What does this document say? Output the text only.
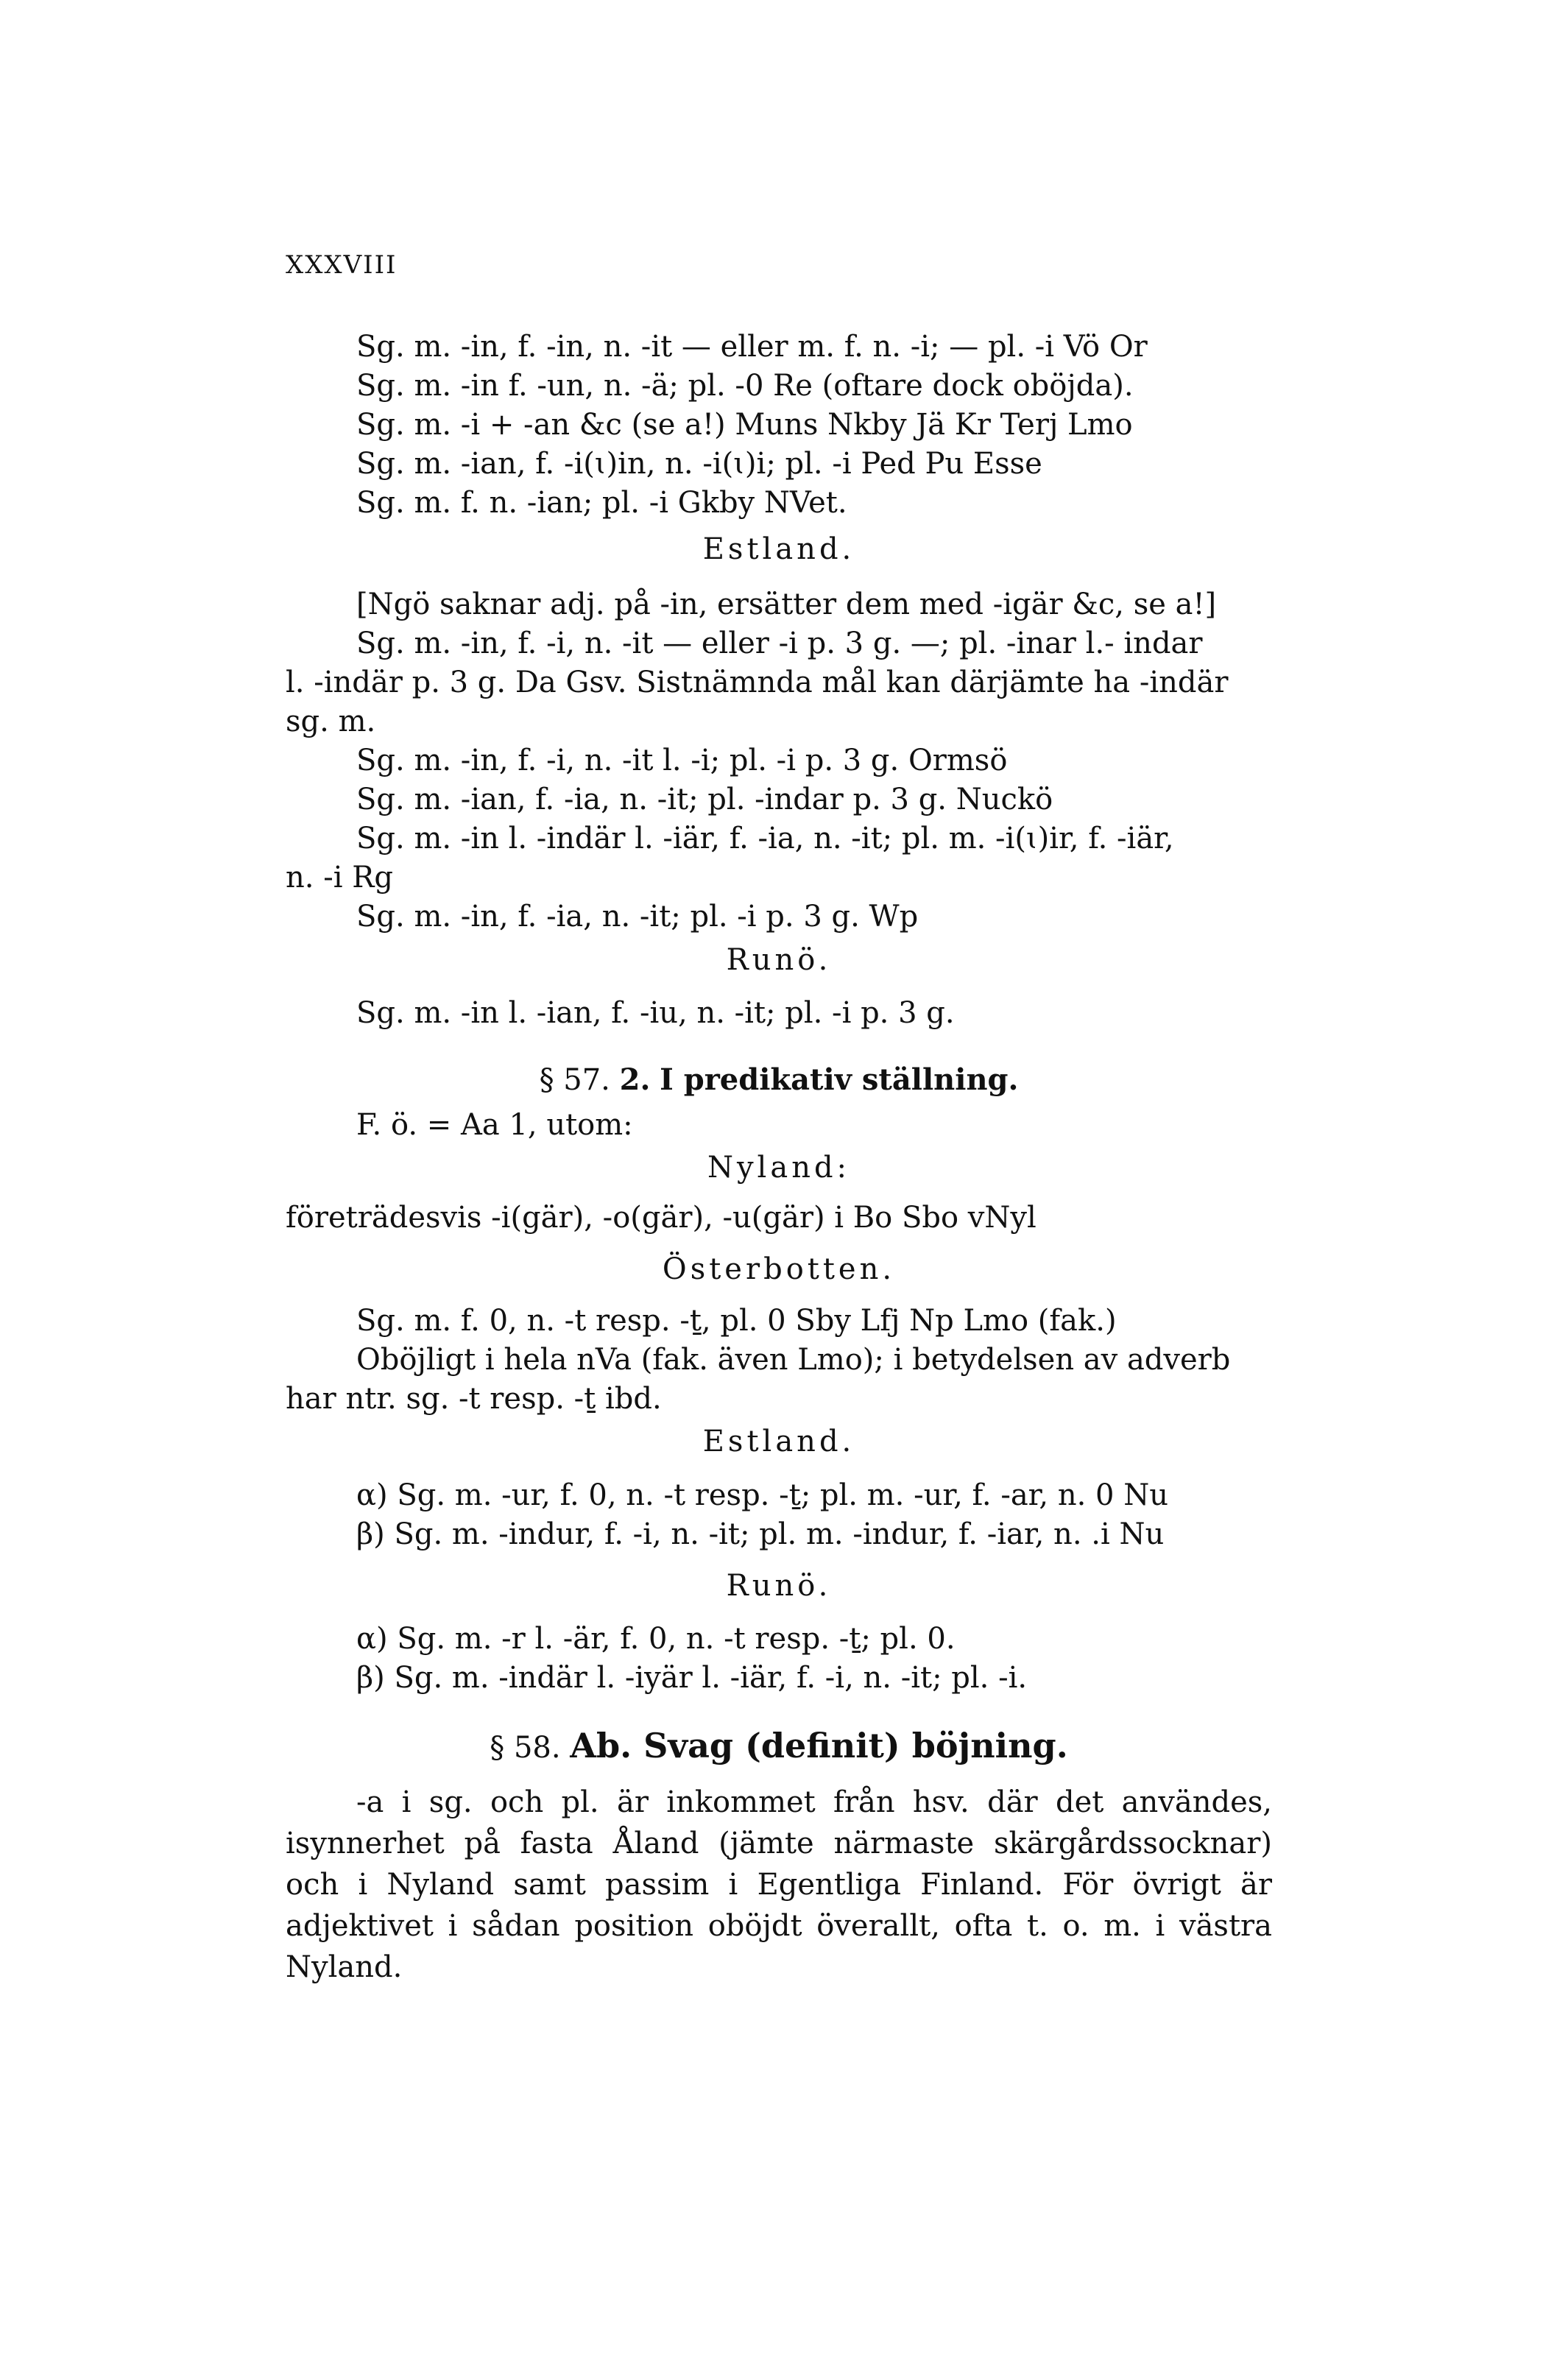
XXXVIII
Sg. m. -in, f. -in, n. -it — eller m. f. n. -i; — pl. -i Vö Or
Sg. m. -in f. -un, n. -ä; pl. -0 Re (oftare dock oböjda).
Sg. m. -i + -an &c (se a!) Muns Nkby Jä Kr Terj Lmo
Sg. m. -ian, f. -i(ɩ)in, n. -i(ɩ)i; pl. -i Ped Pu Esse
Sg. m. f. n. -ian; pl. -i Gkby NVet.
Estland.
[Ngö saknar adj. på -in, ersätter dem med -igär &c, se a!]
Sg. m. -in, f. -i, n. -it — eller -i p. 3 g. —; pl. -inar l.- indar
l. -indär p. 3 g. Da Gsv. Sistnämnda mål kan därjämte ha -indär
sg. m.
Sg. m. -in, f. -i, n. -it l. -i; pl. -i p. 3 g. Ormsö
Sg. m. -ian, f. -ia, n. -it; pl. -indar p. 3 g. Nuckö
Sg. m. -in l. -indär l. -iär, f. -ia, n. -it; pl. m. -i(ɩ)ir, f. -iär,
n. -i Rg
Sg. m. -in, f. -ia, n. -it; pl. -i p. 3 g. Wp
Runö.
Sg. m. -in l. -ian, f. -iu, n. -it; pl. -i p. 3 g.
§ 57. 2. I predikativ ställning.
F. ö. = Aa 1, utom:
Nyland:
företrädesvis -i(gär), -o(gär), -u(gär) i Bo Sbo vNyl
Österbotten.
Sg. m. f. 0, n. -t resp. -ṯ, pl. 0 Sby Lfj Np Lmo (fak.)
Oböjligt i hela nVa (fak. även Lmo); i betydelsen av adverb
har ntr. sg. -t resp. -ṯ ibd.
Estland.
α) Sg. m. -ur, f. 0, n. -t resp. -ṯ; pl. m. -ur, f. -ar, n. 0 Nu
β) Sg. m. -indur, f. -i, n. -it; pl. m. -indur, f. -iar, n. .i Nu
Runö.
α) Sg. m. -r l. -är, f. 0, n. -t resp. -ṯ; pl. 0.
β) Sg. m. -indär l. -iyär l. -iär, f. -i, n. -it; pl. -i.
§ 58. Ab. Svag (definit) böjning.
-a i sg. och pl. är inkommet från hsv. där det användes, isynnerhet på fasta Åland (jämte närmaste skärgårdssocknar) och i Nyland samt passim i Egentliga Finland. För övrigt är adjektivet i sådan position oböjdt överallt, ofta t. o. m. i västra Nyland.
